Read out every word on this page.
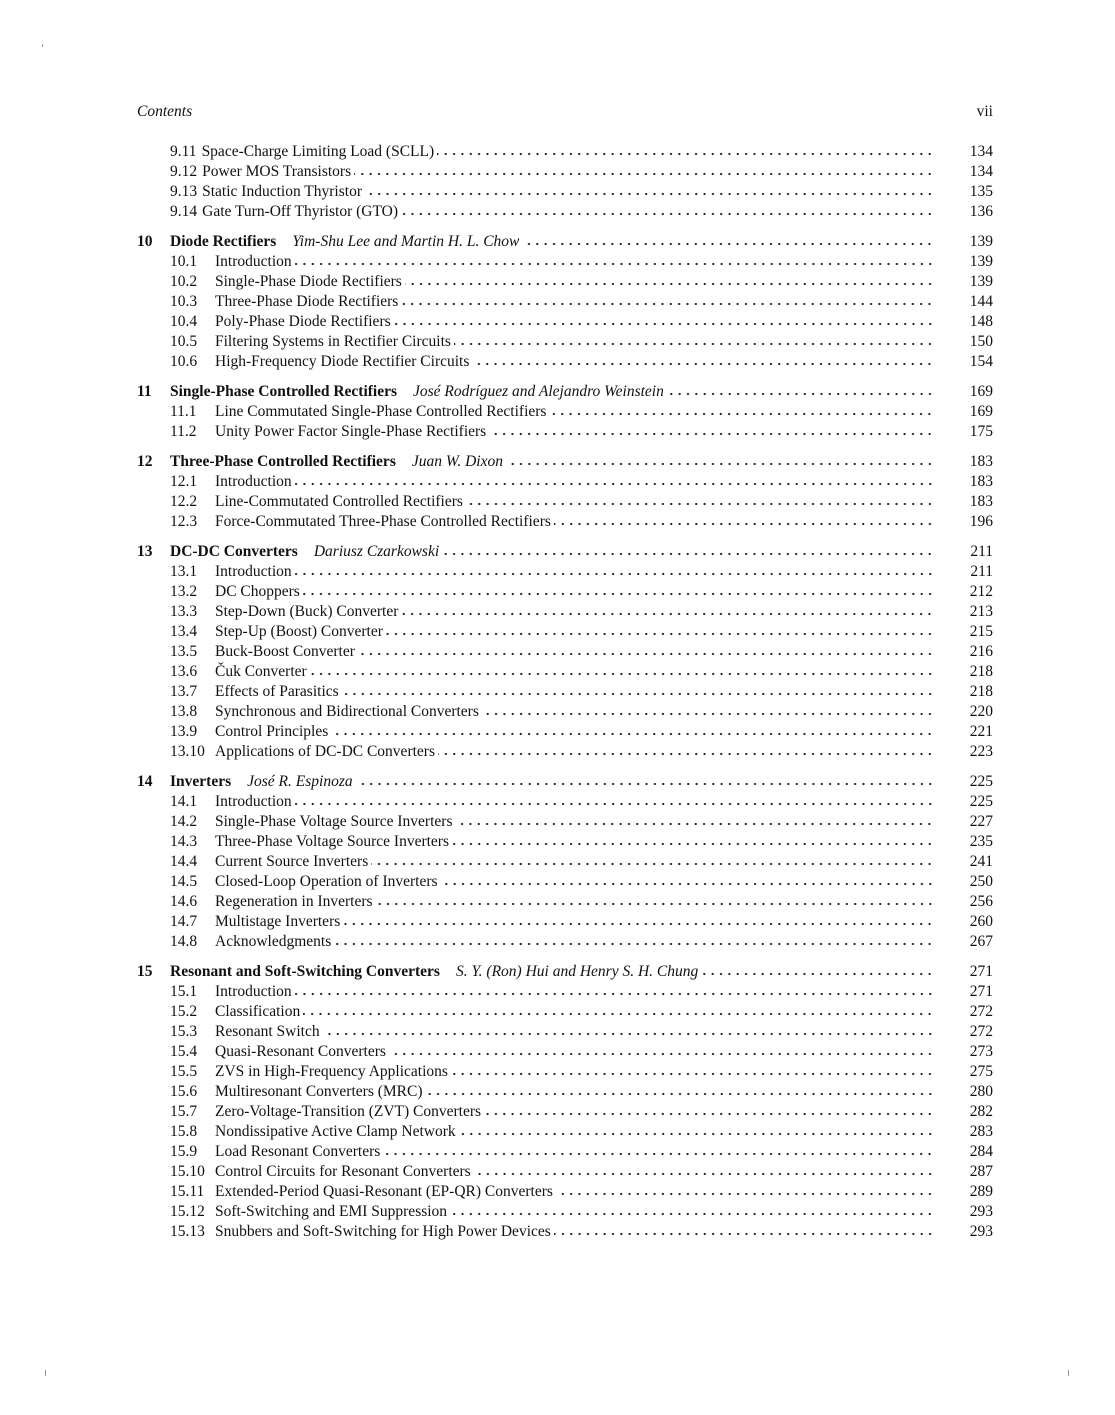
Contents	vii
9.11 Space-Charge Limiting Load (SCLL)	134
9.12 Power MOS Transistors	134
9.13 Static Induction Thyristor	135
9.14 Gate Turn-Off Thyristor (GTO)	136
10	Diode Rectifiers Yim-Shu Lee and Martin H. L. Chow	139
10.1	Introduction	139
10.2	Single-Phase Diode Rectifiers	139
10.3	Three-Phase Diode Rectifiers	144
10.4	Poly-Phase Diode Rectifiers	148
10.5	Filtering Systems in Rectifier Circuits	150
10.6	High-Frequency Diode Rectifier Circuits	154
11	Single-Phase Controlled Rectifiers José Rodríguez and Alejandro Weinstein	169
11.1	Line Commutated Single-Phase Controlled Rectifiers	169
11.2	Unity Power Factor Single-Phase Rectifiers	175
12	Three-Phase Controlled Rectifiers Juan W. Dixon	183
12.1	Introduction	183
12.2	Line-Commutated Controlled Rectifiers	183
12.3	Force-Commutated Three-Phase Controlled Rectifiers	196
13	DC-DC Converters Dariusz Czarkowski	211
13.1	Introduction	211
13.2	DC Choppers	212
13.3	Step-Down (Buck) Converter	213
13.4	Step-Up (Boost) Converter	215
13.5	Buck-Boost Converter	216
13.6	Čuk Converter	218
13.7	Effects of Parasitics	218
13.8	Synchronous and Bidirectional Converters	220
13.9	Control Principles	221
13.10 Applications of DC-DC Converters	223
14	Inverters José R. Espinoza	225
14.1	Introduction	225
14.2	Single-Phase Voltage Source Inverters	227
14.3	Three-Phase Voltage Source Inverters	235
14.4	Current Source Inverters	241
14.5	Closed-Loop Operation of Inverters	250
14.6	Regeneration in Inverters	256
14.7	Multistage Inverters	260
14.8	Acknowledgments	267
15	Resonant and Soft-Switching Converters S. Y. (Ron) Hui and Henry S. H. Chung	271
15.1	Introduction	271
15.2	Classification	272
15.3	Resonant Switch	272
15.4	Quasi-Resonant Converters	273
15.5	ZVS in High-Frequency Applications	275
15.6	Multiresonant Converters (MRC)	280
15.7	Zero-Voltage-Transition (ZVT) Converters	282
15.8	Nondissipative Active Clamp Network	283
15.9	Load Resonant Converters	284
15.10 Control Circuits for Resonant Converters	287
15.11 Extended-Period Quasi-Resonant (EP-QR) Converters	289
15.12 Soft-Switching and EMI Suppression	293
15.13 Snubbers and Soft-Switching for High Power Devices	293
